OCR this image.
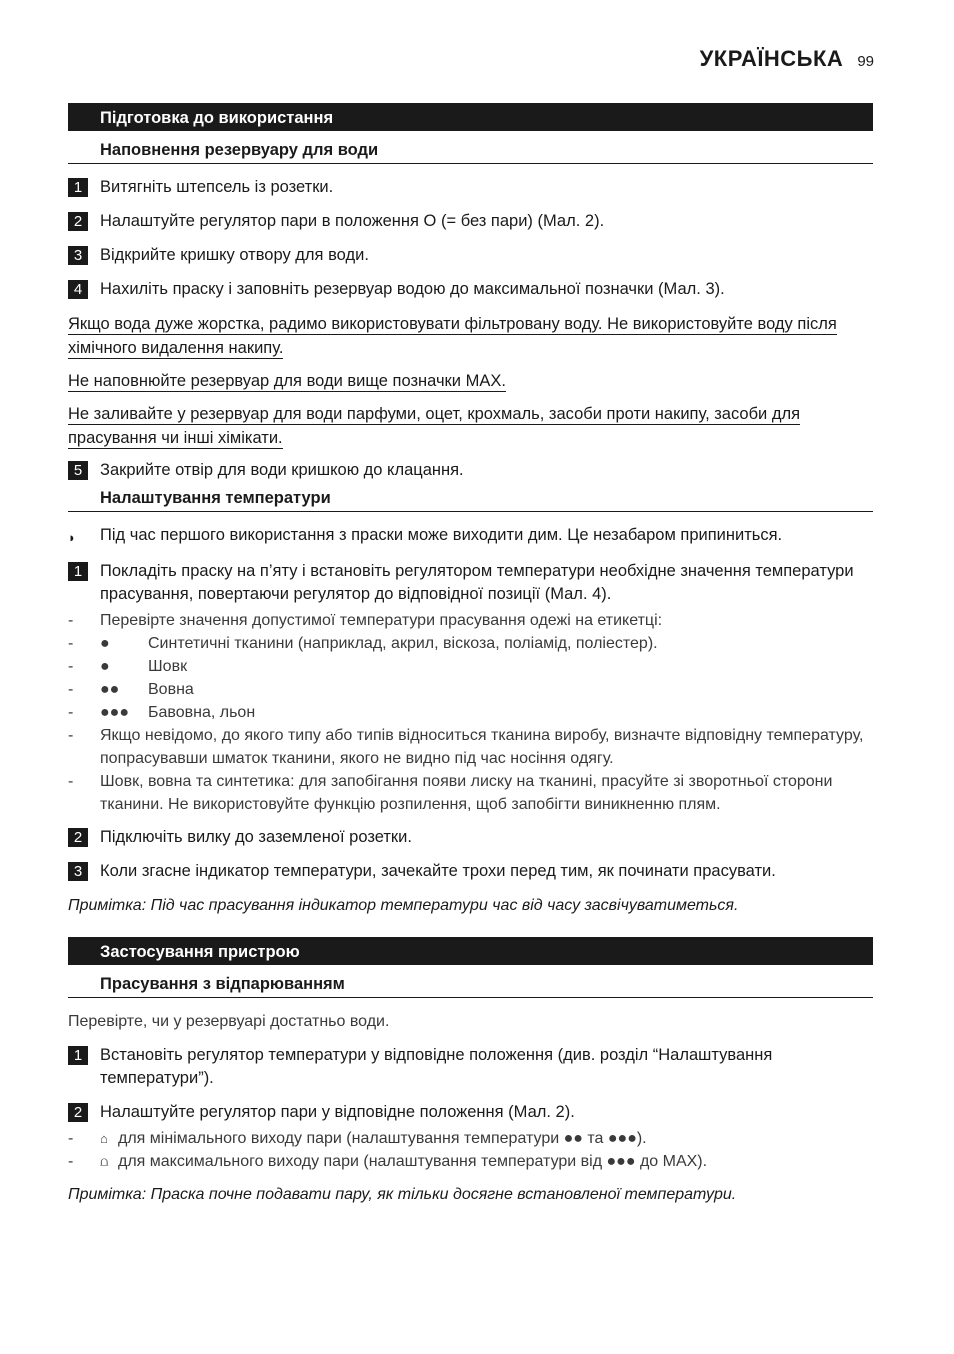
УКРАЇНСЬКА 99
Підготовка до використання
Наповнення резервуару для води
1	Витягніть штепсель із розетки.
2	Налаштуйте регулятор пари в положення O (= без пари) (Мал. 2).
3	Відкрийте кришку отвору для води.
4	Нахиліть праску і заповніть резервуар водою до максимальної позначки (Мал. 3).
Якщо вода дуже жорстка, радимо використовувати фільтровану воду. Не використовуйте воду після хімічного видалення накипу.
Не наповнюйте резервуар для води вище позначки MAX.
Не заливайте у резервуар для води парфуми, оцет, крохмаль, засоби проти накипу, засоби для прасування чи інші хімікати.
5	Закрийте отвір для води кришкою до клацання.
Налаштування температури
◗	Під час першого використання з праски може виходити дим. Це незабаром припиниться.
1	Покладіть праску на п’яту і встановіть регулятором температури необхідне значення температури прасування, повертаючи регулятор до відповідної позиції (Мал. 4).
-	Перевірте значення допустимої температури прасування одежі на етикетці:
-	● Синтетичні тканини (наприклад, акрил, віскоза, поліамід, поліестер).
-	● Шовк
-	●● Вовна
-	●●● Бавовна, льон
-	Якщо невідомо, до якого типу або типів відноситься тканина виробу, визначте відповідну температуру, попрасувавши шматок тканини, якого не видно під час носіння одягу.
-	Шовк, вовна та синтетика: для запобігання появи лиску на тканині, прасуйте зі зворотньої сторони тканини. Не використовуйте функцію розпилення, щоб запобігти виникненню плям.
2	Підключіть вилку до заземленої розетки.
3	Коли згасне індикатор температури, зачекайте трохи перед тим, як починати прасувати.
Примітка: Під час прасування індикатор температури час від часу засвічуватиметься.
Застосування пристрою
Прасування з відпарюванням
Перевірте, чи у резервуарі достатньо води.
1	Встановіть регулятор температури у відповідне положення (див. розділ “Налаштування температури”).
2	Налаштуйте регулятор пари у відповідне положення (Мал. 2).
-	⌂ для мінімального виходу пари (налаштування температури ●● та ●●●).
-	⩍ для максимального виходу пари (налаштування температури від ●●● до MAX).
Примітка: Праска почне подавати пару, як тільки досягне встановленої температури.
